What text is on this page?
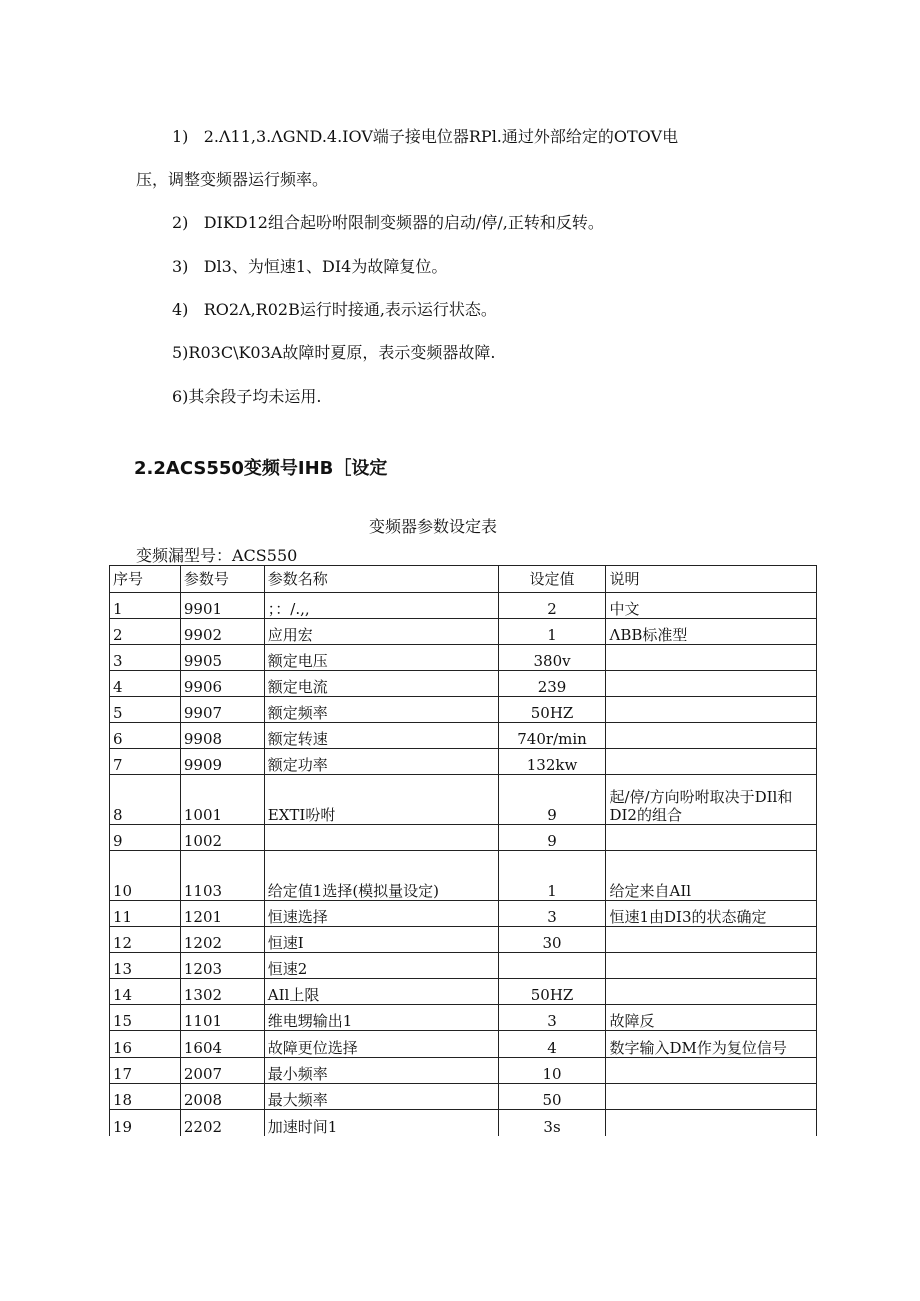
1) 2.Λ11,3.ΛGND.4.IOV端子接电位器RPl.通过外部给定的OTOV电
压，调整变频器运行频率。
2) DIKD12组合起吩咐限制变频器的启动/停/,正转和反转。
3) Dl3、为恒速1、DI4为故障复位。
4) RO2Λ,R02B运行时接通,表示运行状态。
5)R03C\K03A故障时夏原，表示变频器故障.
6)其余段子均未运用.
2.2ACS550变频号IHB［设定
变频器参数设定表
变频漏型号：ACS550
序号	参数号	参数名称	设定值	说明
1	9901	；：/.,,	2	中文
2	9902	应用宏	1	ΛBB标准型
3	9905	额定电压	380v	
4	9906	额定电流	239	
5	9907	额定频率	50HZ	
6	9908	额定转速	740r/min	
7	9909	额定功率	132kw	
8	1001	EXTI吩咐	9	起/停/方向吩咐取决于DIl和DI2的组合
9	1002		9	
10	1103	给定值1选择(模拟量设定)	1	给定来自AIl
11	1201	恒速选择	3	恒速1由DI3的状态确定
12	1202	恒速I	30	
13	1203	恒速2		
14	1302	AIl上限	50HZ	
15	1101	维电甥输出1	3	故障反
16	1604	故障更位选择	4	数字输入DM作为复位信号
17	2007	最小频率	10	
18	2008	最大频率	50	
19	2202	加速时间1	3s	
